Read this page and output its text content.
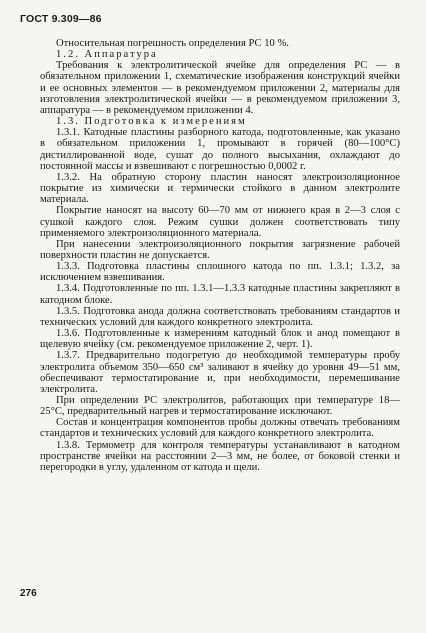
ГОСТ 9.309—86

Относительная погрешность определения РС 10 %.

1.2. Аппаратура

Требования к электролитической ячейке для определения РС — в обязательном приложении 1, схематические изображения конструкций ячейки и ее основных элементов — в рекомендуемом приложении 2, материалы для изготовления электролитической ячейки — в рекомендуемом приложении 3, аппаратура — в рекомендуемом приложении 4.

1.3. Подготовка к измерениям

1.3.1. Катодные пластины разборного катода, подготовленные, как указано в обязательном приложении 1, промывают в горячей (80—100°С) дистиллированной воде, сушат до полного высыхания, охлаждают до постоянной массы и взвешивают с погрешностью 0,0002 г.

1.3.2. На обратную сторону пластин наносят электроизоляционное покрытие из химически и термически стойкого в данном электролите материала.

Покрытие наносят на высоту 60—70 мм от нижнего края в 2—3 слоя с сушкой каждого слоя. Режим сушки должен соответствовать типу применяемого электроизоляционного материала.

При нанесении электроизоляционного покрытия загрязнение рабочей поверхности пластин не допускается.

1.3.3. Подготовка пластины сплошного катода по пп. 1.3.1; 1.3.2, за исключением взвешивания.

1.3.4. Подготовленные по пп. 1.3.1—1.3.3 катодные пластины закрепляют в катодном блоке.

1.3.5. Подготовка анода должна соответствовать требованиям стандартов и технических условий для каждого конкретного электролита.

1.3.6. Подготовленные к измерениям катодный блок и анод помещают в щелевую ячейку (см. рекомендуемое приложение 2, черт. 1).

1.3.7. Предварительно подогретую до необходимой температуры пробу электролита объемом 350—650 см³ заливают в ячейку до уровня 49—51 мм, обеспечивают термостатирование и, при необходимости, перемешивание электролита.

При определении РС электролитов, работающих при температуре 18—25°С, предварительный нагрев и термостатирование исключают.

Состав и концентрация компонентов пробы должны отвечать требованиям стандартов и технических условий для каждого конкретного электролита.

1.3.8. Термометр для контроля температуры устанавливают в катодном пространстве ячейки на расстоянии 2—3 мм, не более, от боковой стенки и перегородки в углу, удаленном от катода и щели.

276
